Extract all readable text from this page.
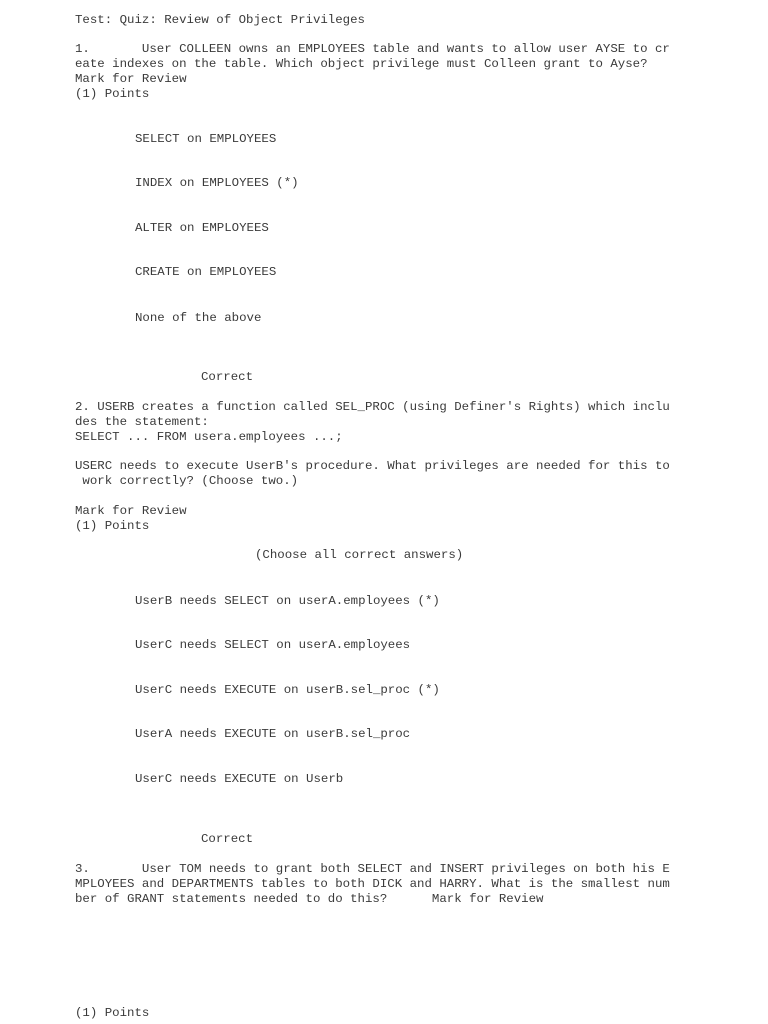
Test: Quiz: Review of Object Privileges
1.       User COLLEEN owns an EMPLOYEES table and wants to allow user AYSE to cr
eate indexes on the table. Which object privilege must Colleen grant to Ayse?
Mark for Review
(1) Points
SELECT on EMPLOYEES
INDEX on EMPLOYEES (*)
ALTER on EMPLOYEES
CREATE on EMPLOYEES
None of the above
Correct
2. USERB creates a function called SEL_PROC (using Definer's Rights) which inclu
des the statement:
SELECT ... FROM usera.employees ...;
USERC needs to execute UserB's procedure. What privileges are needed for this to
work correctly? (Choose two.)
Mark for Review
(1) Points
(Choose all correct answers)
UserB needs SELECT on userA.employees (*)
UserC needs SELECT on userA.employees
UserC needs EXECUTE on userB.sel_proc (*)
UserA needs EXECUTE on userB.sel_proc
UserC needs EXECUTE on Userb
Correct
3.       User TOM needs to grant both SELECT and INSERT privileges on both his E
MPLOYEES and DEPARTMENTS tables to both DICK and HARRY. What is the smallest num
ber of GRANT statements needed to do this?      Mark for Review
(1) Points
